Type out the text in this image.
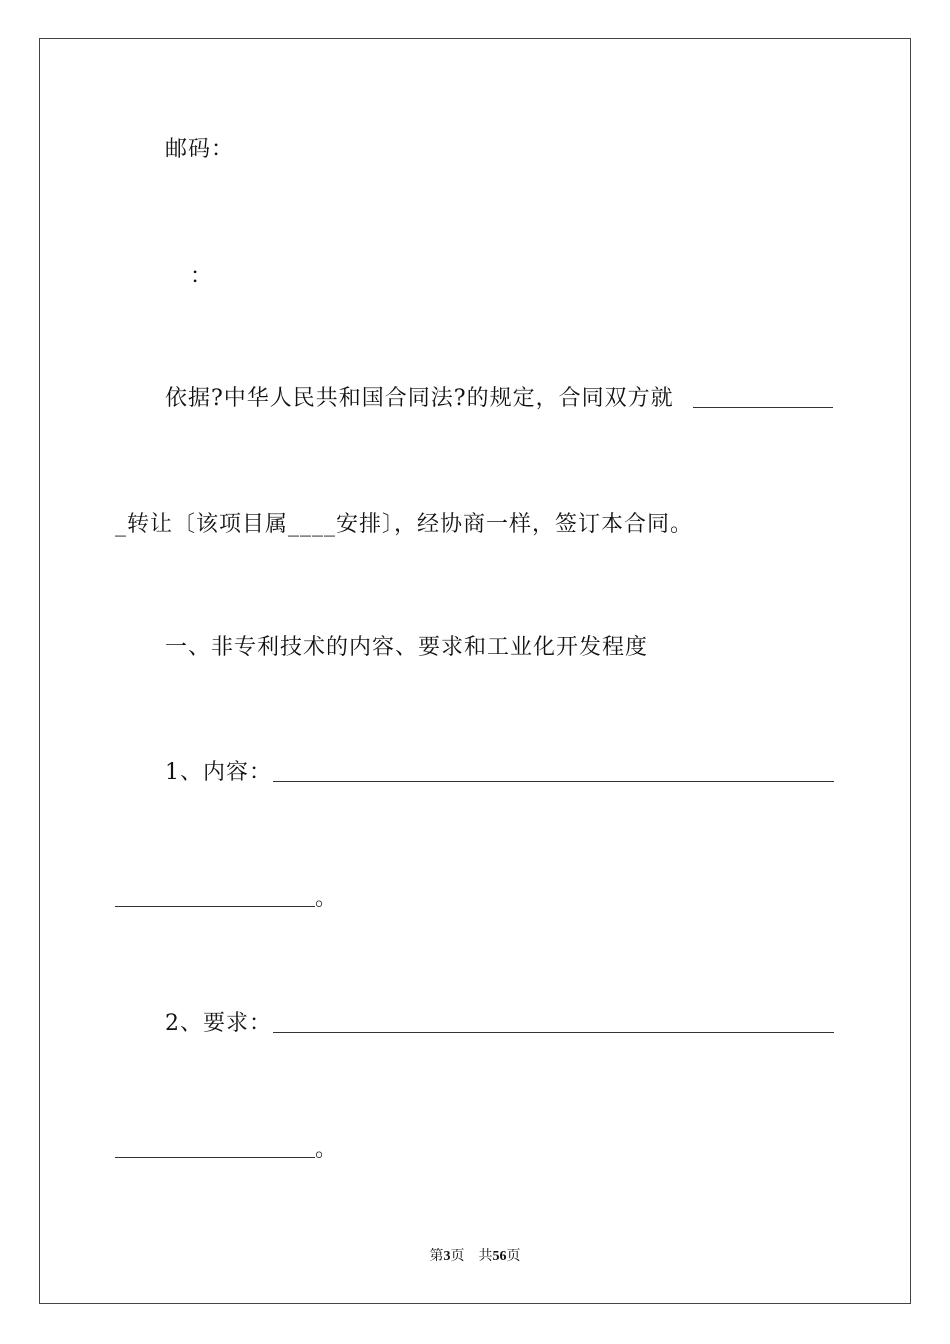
邮码：
：
依据?中华人民共和国合同法?的规定，合同双方就
_转让〔该项目属____安排〕，经协商一样，签订本合同。
一、非专利技术的内容、要求和工业化开发程度
1、内容：
。
2、要求：
。
第3页 共56页
